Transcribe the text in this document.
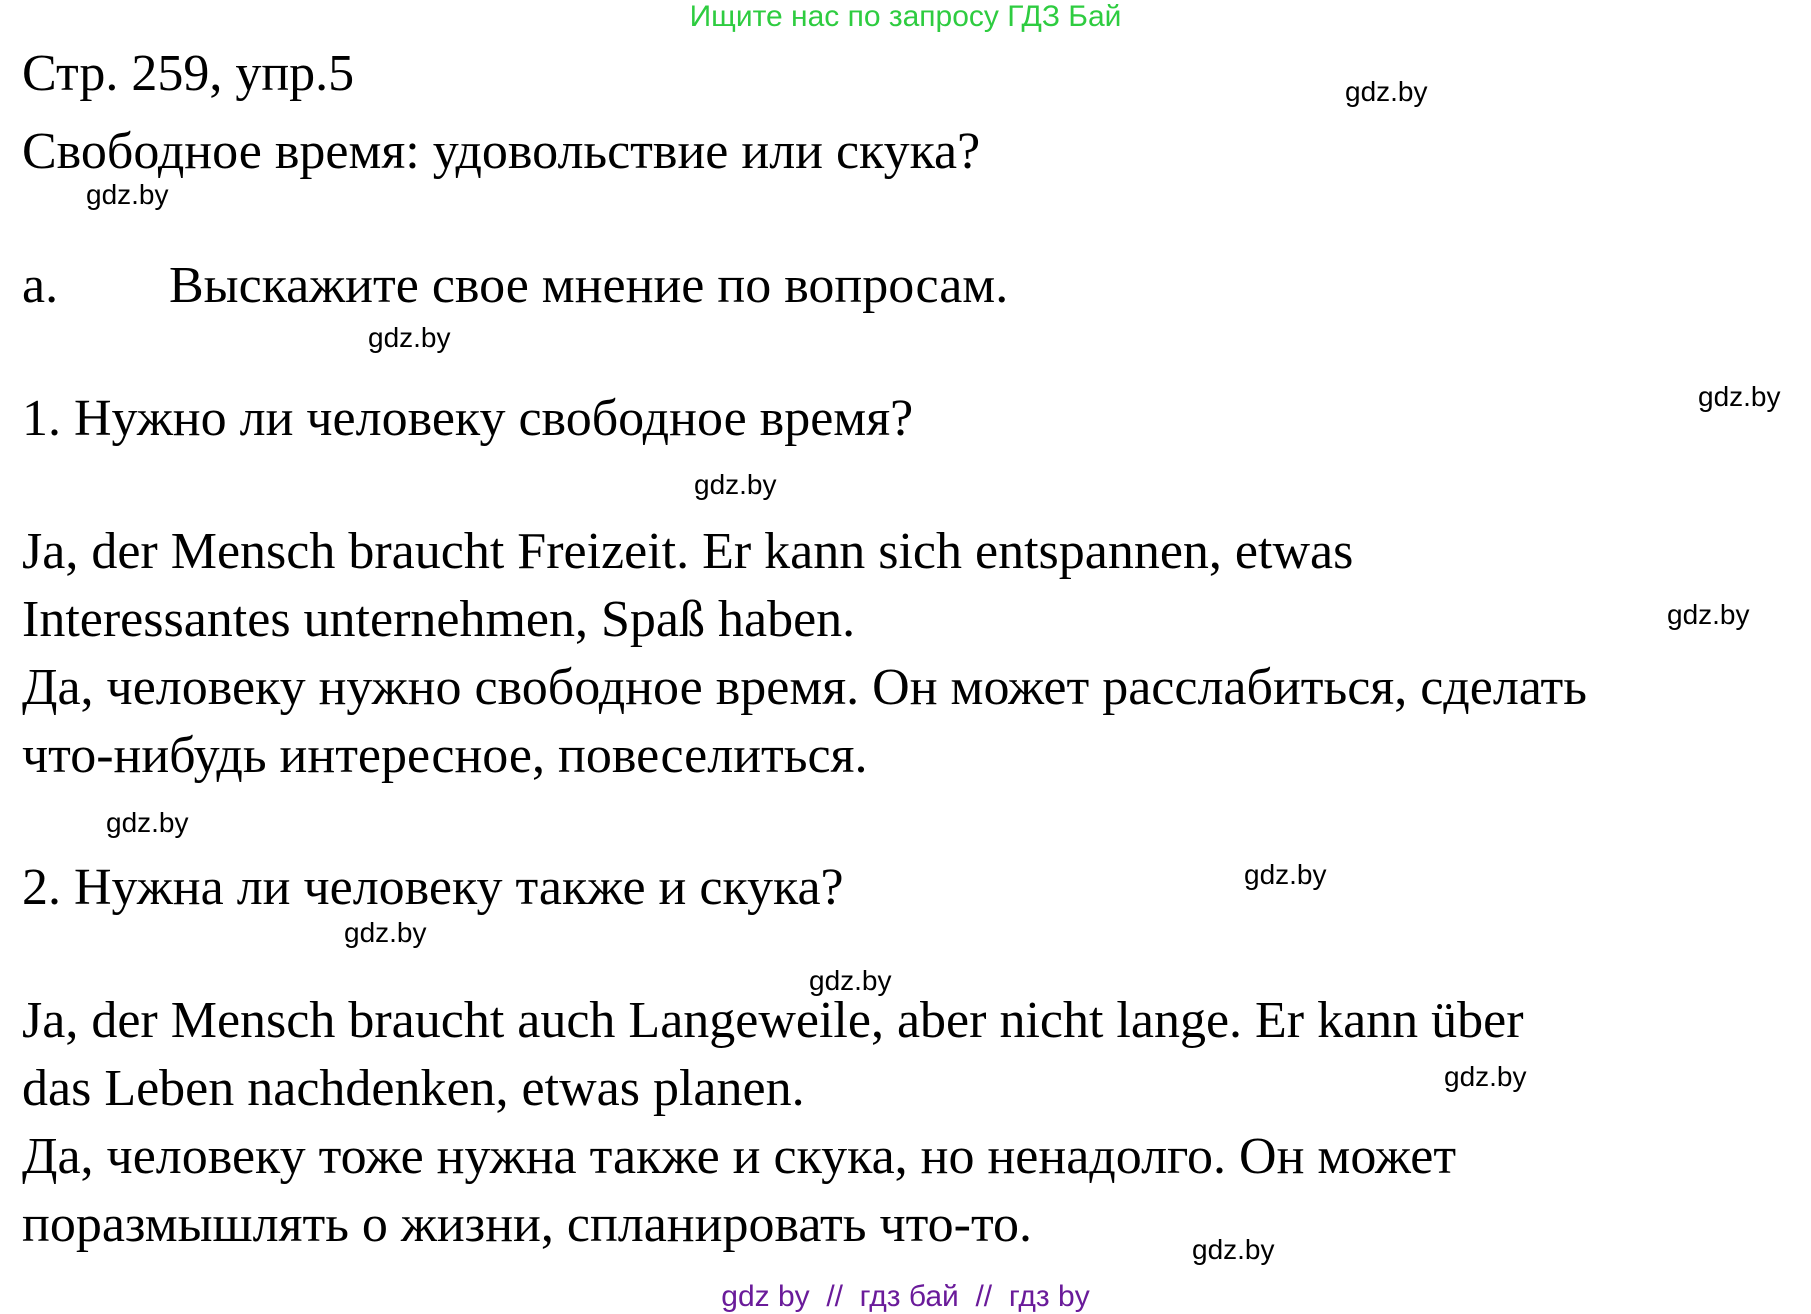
Ищите нас по запросу ГДЗ Бай
Стр. 259, упр.5
Свободное время: удовольствие или скука?
a. Выскажите свое мнение по вопросам.
1. Нужно ли человеку свободное время?
Ja, der Mensch braucht Freizeit. Er kann sich entspannen, etwas
Interessantes unternehmen, Spaß haben.
Да, человеку нужно свободное время. Он может расслабиться, сделать
что-нибудь интересное, повеселиться.
2. Нужна ли человеку также и скука?
Ja, der Mensch braucht auch Langeweile, aber nicht lange. Er kann über
das Leben nachdenken, etwas planen.
Да, человеку тоже нужна также и скука, но ненадолго. Он может
поразмышлять о жизни, спланировать что-то.
gdz.by
gdz.by
gdz.by
gdz.by
gdz.by
gdz.by
gdz.by
gdz.by
gdz.by
gdz.by
gdz.by
gdz.by
gdz by  //  гдз бай  //  гдз by
